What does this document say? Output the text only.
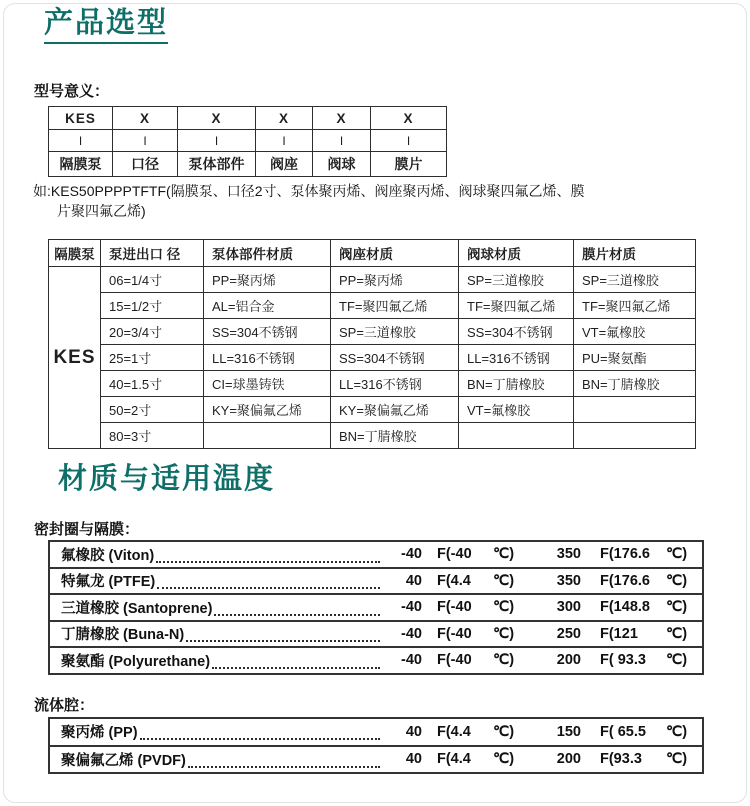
产品选型
型号意义：
KES	X	X	X	X	X
I	I	I	I	I	I
隔膜泵	口径	泵体部件	阀座	阀球	膜片
如:KES50PPPPTFTF(隔膜泵、口径2寸、泵体聚丙烯、阀座聚丙烯、阀球聚四氟乙烯、膜
片聚四氟乙烯)
隔膜泵	泵进出口 径	泵体部件材质	阀座材质	阀球材质	膜片材质
KES	06=1/4寸	PP=聚丙烯	PP=聚丙烯	SP=三道橡胶	SP=三道橡胶
	15=1/2寸	AL=铝合金	TF=聚四氟乙烯	TF=聚四氟乙烯	TF=聚四氟乙烯
	20=3/4寸	SS=304不锈钢	SP=三道橡胶	SS=304不锈钢	VT=氟橡胶
	25=1寸	LL=316不锈钢	SS=304不锈钢	LL=316不锈钢	PU=聚氨酯
	40=1.5寸	CI=球墨铸铁	LL=316不锈钢	BN=丁腈橡胶	BN=丁腈橡胶
	50=2寸	KY=聚偏氟乙烯	KY=聚偏氟乙烯	VT=氟橡胶	
	80=3寸		BN=丁腈橡胶		
材质与适用温度
密封圈与隔膜：
氟橡胶 (Viton)	-40 F(-40	℃)	350 F(176.6	℃)
特氟龙 (PTFE)	40 F(4.4	℃)	350 F(176.6	℃)
三道橡胶 (Santoprene)	-40 F(-40	℃)	300 F(148.8	℃)
丁腈橡胶 (Buna-N)	-40 F(-40	℃)	250 F(121	℃)
聚氨酯 (Polyurethane)	-40 F(-40	℃)	200 F( 93.3	℃)
流体腔：
聚丙烯 (PP)	40 F(4.4	℃)	150 F( 65.5	℃)
聚偏氟乙烯 (PVDF)	40 F(4.4	℃)	200 F(93.3	℃)
